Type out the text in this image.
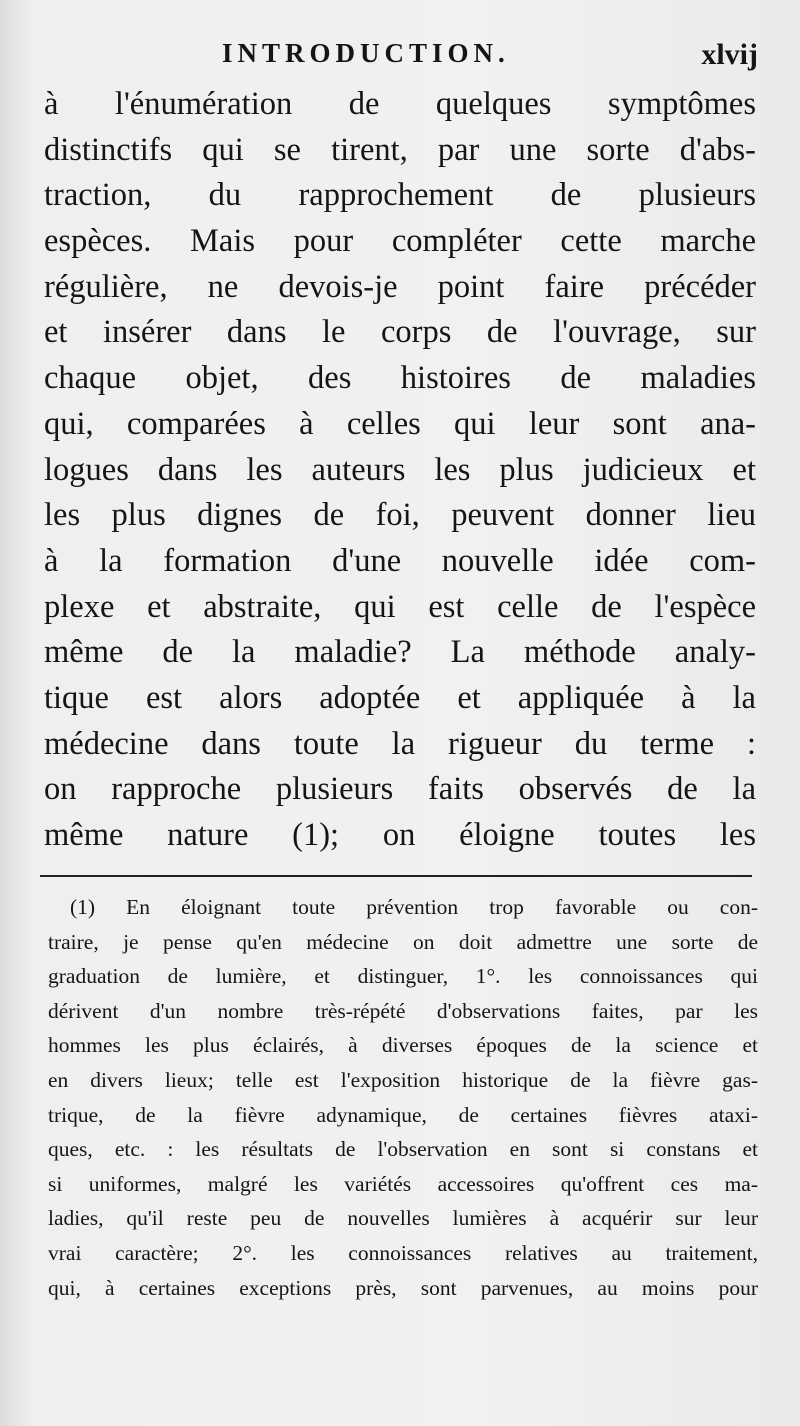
INTRODUCTION.	xlvij
à l'énumération de quelques symptômes
distinctifs qui se tirent, par une sorte d'abs-
traction, du rapprochement de plusieurs
espèces. Mais pour compléter cette marche
régulière, ne devois-je point faire précéder
et insérer dans le corps de l'ouvrage, sur
chaque objet, des histoires de maladies
qui, comparées à celles qui leur sont ana-
logues dans les auteurs les plus judicieux et
les plus dignes de foi, peuvent donner lieu
à la formation d'une nouvelle idée com-
plexe et abstraite, qui est celle de l'espèce
même de la maladie? La méthode analy-
tique est alors adoptée et appliquée à la
médecine dans toute la rigueur du terme :
on rapproche plusieurs faits observés de la
même nature (1); on éloigne toutes les
(1) En éloignant toute prévention trop favorable ou con-
traire, je pense qu'en médecine on doit admettre une sorte de
graduation de lumière, et distinguer, 1°. les connoissances qui
dérivent d'un nombre très-répété d'observations faites, par les
hommes les plus éclairés, à diverses époques de la science et
en divers lieux; telle est l'exposition historique de la fièvre gas-
trique, de la fièvre adynamique, de certaines fièvres ataxi-
ques, etc. : les résultats de l'observation en sont si constans et
si uniformes, malgré les variétés accessoires qu'offrent ces ma-
ladies, qu'il reste peu de nouvelles lumières à acquérir sur leur
vrai caractère; 2°. les connoissances relatives au traitement,
qui, à certaines exceptions près, sont parvenues, au moins pour
